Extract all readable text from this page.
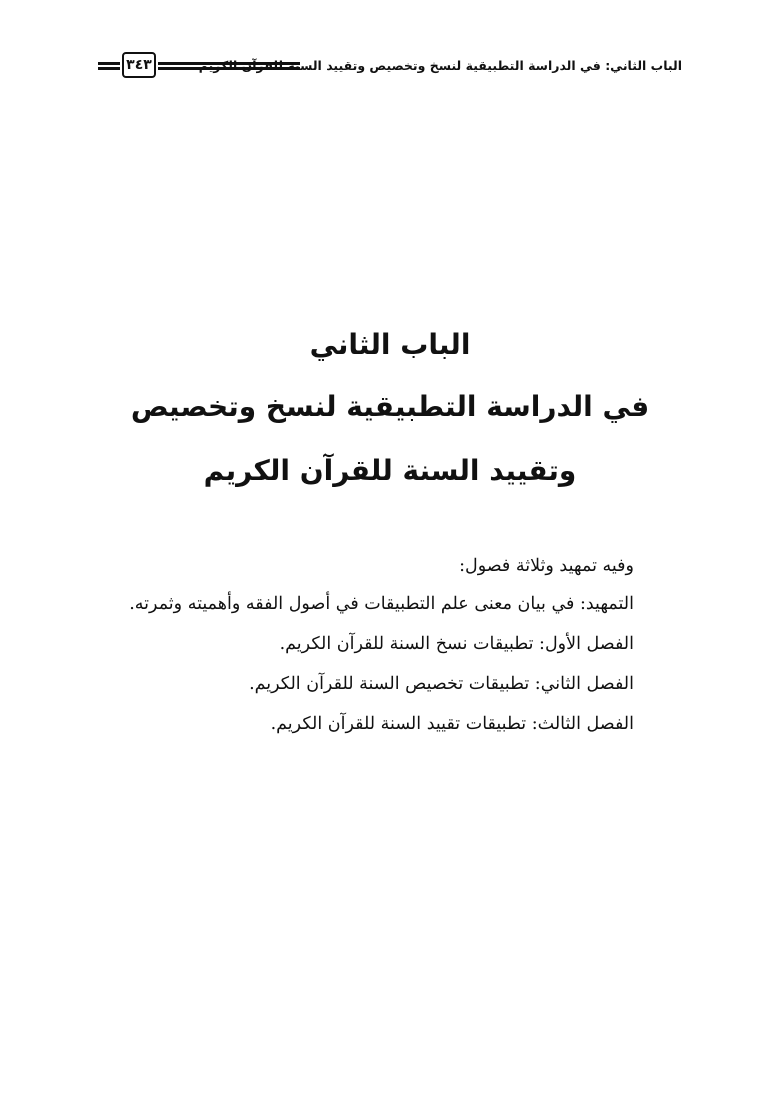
٣٤٣	الباب الثاني: في الدراسة التطبيقية لنسخ وتخصيص وتقييد السنة للقرآن الكريم
الباب الثاني
في الدراسة التطبيقية لنسخ وتخصيص
وتقييد السنة للقرآن الكريم

وفيه تمهيد وثلاثة فصول:

التمهيد: في بيان معنى علم التطبيقات في أصول الفقه وأهميته وثمرته.

الفصل الأول: تطبيقات نسخ السنة للقرآن الكريم.

الفصل الثاني: تطبيقات تخصيص السنة للقرآن الكريم.

الفصل الثالث: تطبيقات تقييد السنة للقرآن الكريم.
